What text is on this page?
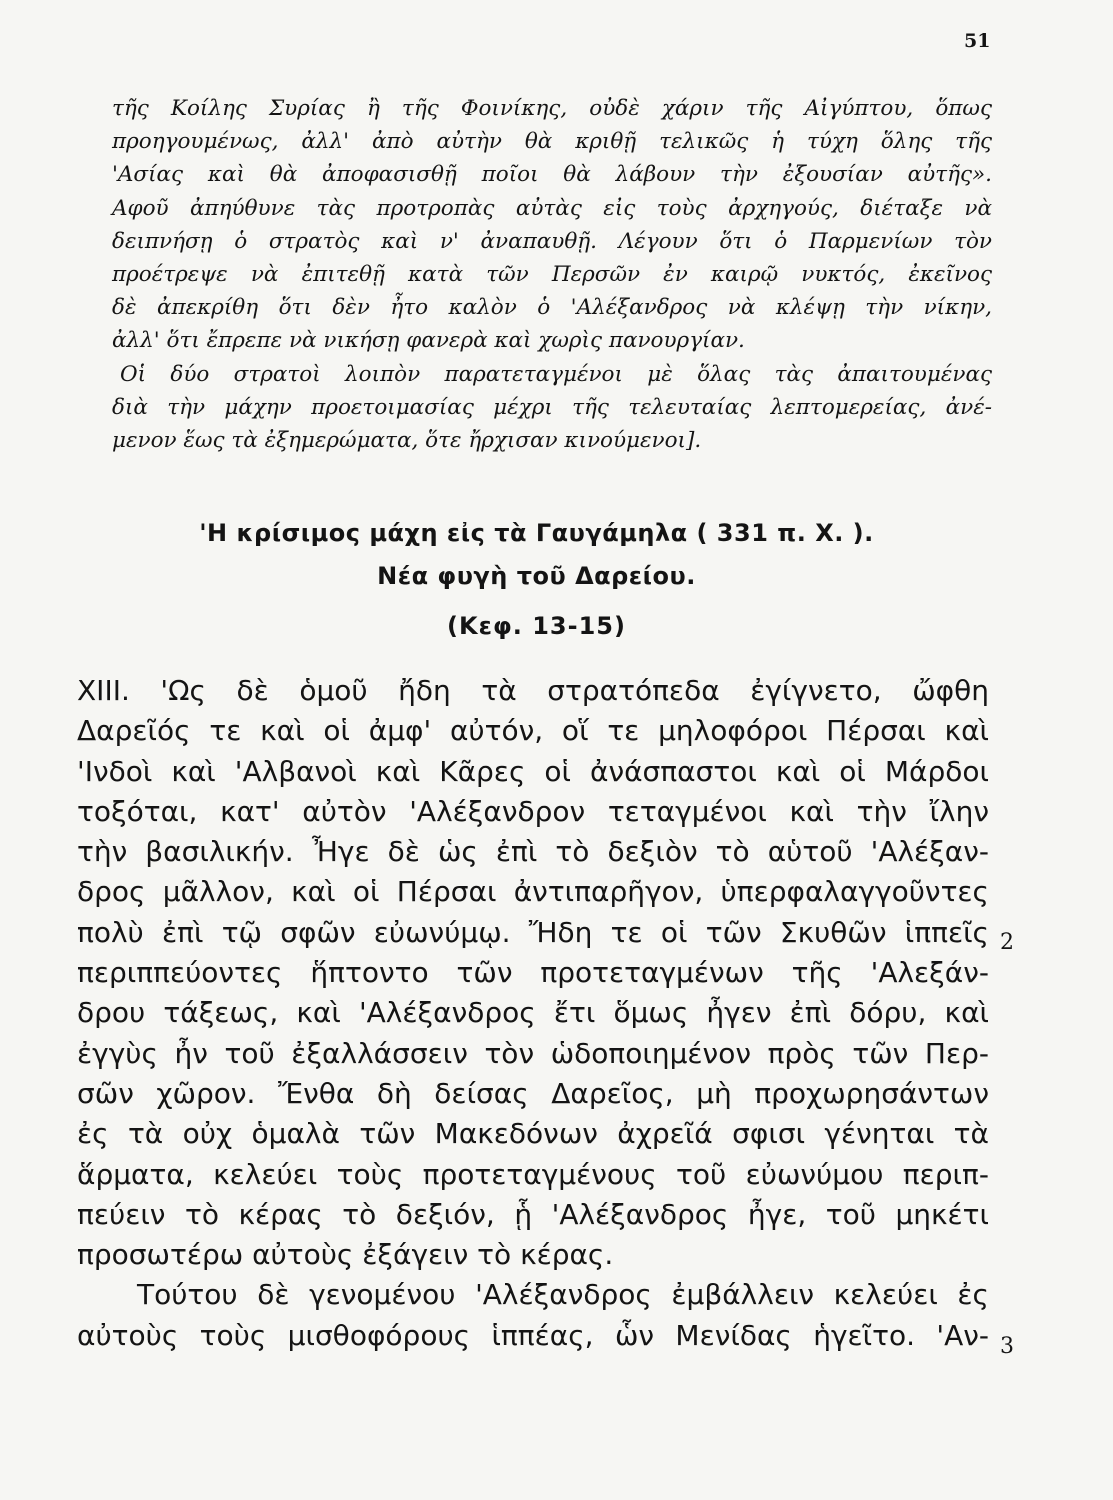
51
τῆς Κοίλης Συρίας ἢ τῆς Φοινίκης, οὐδὲ χάριν τῆς Αἰγύπτου, ὅπως
προηγουμένως, ἀλλ' ἀπὸ αὐτὴν θὰ κριθῇ τελικῶς ἡ τύχη ὅλης τῆς
'Ασίας καὶ θὰ ἀποφασισθῇ ποῖοι θὰ λάβουν τὴν ἐξουσίαν αὐτῆς».
Αφοῦ ἀπηύθυνε τὰς προτροπὰς αὐτὰς εἰς τοὺς ἀρχηγούς, διέταξε νὰ
δειπνήσῃ ὁ στρατὸς καὶ ν' ἀναπαυθῇ. Λέγουν ὅτι ὁ Παρμενίων τὸν
προέτρεψε νὰ ἐπιτεθῇ κατὰ τῶν Περσῶν ἐν καιρῷ νυκτός, ἐκεῖνος
δὲ ἀπεκρίθη ὅτι δὲν ἦτο καλὸν ὁ 'Αλέξανδρος νὰ κλέψῃ τὴν νίκην,
ἀλλ' ὅτι ἔπρεπε νὰ νικήσῃ φανερὰ καὶ χωρὶς πανουργίαν.
Οἱ δύο στρατοὶ λοιπὸν παρατεταγμένοι μὲ ὅλας τὰς ἀπαιτουμένας
διὰ τὴν μάχην προετοιμασίας μέχρι τῆς τελευταίας λεπτομερείας, ἀνέ-
μενον ἕως τὰ ἐξημερώματα, ὅτε ἤρχισαν κινούμενοι].
'Η κρίσιμος μάχη εἰς τὰ Γαυγάμηλα ( 331 π. Χ. ).
Νέα φυγὴ τοῦ Δαρείου.
(Κεφ. 13-15)
XIII. 'Ως δὲ ὁμοῦ ἤδη τὰ στρατόπεδα ἐγίγνετο, ὤφθη
Δαρεῖός τε καὶ οἱ ἀμφ' αὐτόν, οἵ τε μηλοφόροι Πέρσαι καὶ
'Ινδοὶ καὶ 'Αλβανοὶ καὶ Κᾶρες οἱ ἀνάσπαστοι καὶ οἱ Μάρδοι
τοξόται, κατ' αὐτὸν 'Αλέξανδρον τεταγμένοι καὶ τὴν ἴλην
τὴν βασιλικήν. Ἦγε δὲ ὡς ἐπὶ τὸ δεξιὸν τὸ αὑτοῦ 'Αλέξαν-
δρος μᾶλλον, καὶ οἱ Πέρσαι ἀντιπαρῆγον, ὑπερφαλαγγοῦντες
πολὺ ἐπὶ τῷ σφῶν εὐωνύμῳ. Ἤδη τε οἱ τῶν Σκυθῶν ἱππεῖς
περιππεύοντες ἥπτοντο τῶν προτεταγμένων τῆς 'Αλεξάν-
δρου τάξεως, καὶ 'Αλέξανδρος ἔτι ὅμως ἦγεν ἐπὶ δόρυ, καὶ
ἐγγὺς ἦν τοῦ ἐξαλλάσσειν τὸν ὡδοποιημένον πρὸς τῶν Περ-
σῶν χῶρον. Ἔνθα δὴ δείσας Δαρεῖος, μὴ προχωρησάντων
ἐς τὰ οὐχ ὁμαλὰ τῶν Μακεδόνων ἀχρεῖά σφισι γένηται τὰ
ἅρματα, κελεύει τοὺς προτεταγμένους τοῦ εὐωνύμου περιπ-
πεύειν τὸ κέρας τὸ δεξιόν, ᾗ 'Αλέξανδρος ἦγε, τοῦ μηκέτι
προσωτέρω αὐτοὺς ἐξάγειν τὸ κέρας.
Τούτου δὲ γενομένου 'Αλέξανδρος ἐμβάλλειν κελεύει ἐς
αὐτοὺς τοὺς μισθοφόρους ἱππέας, ὧν Μενίδας ἡγεῖτο. 'Αν-
2
3
